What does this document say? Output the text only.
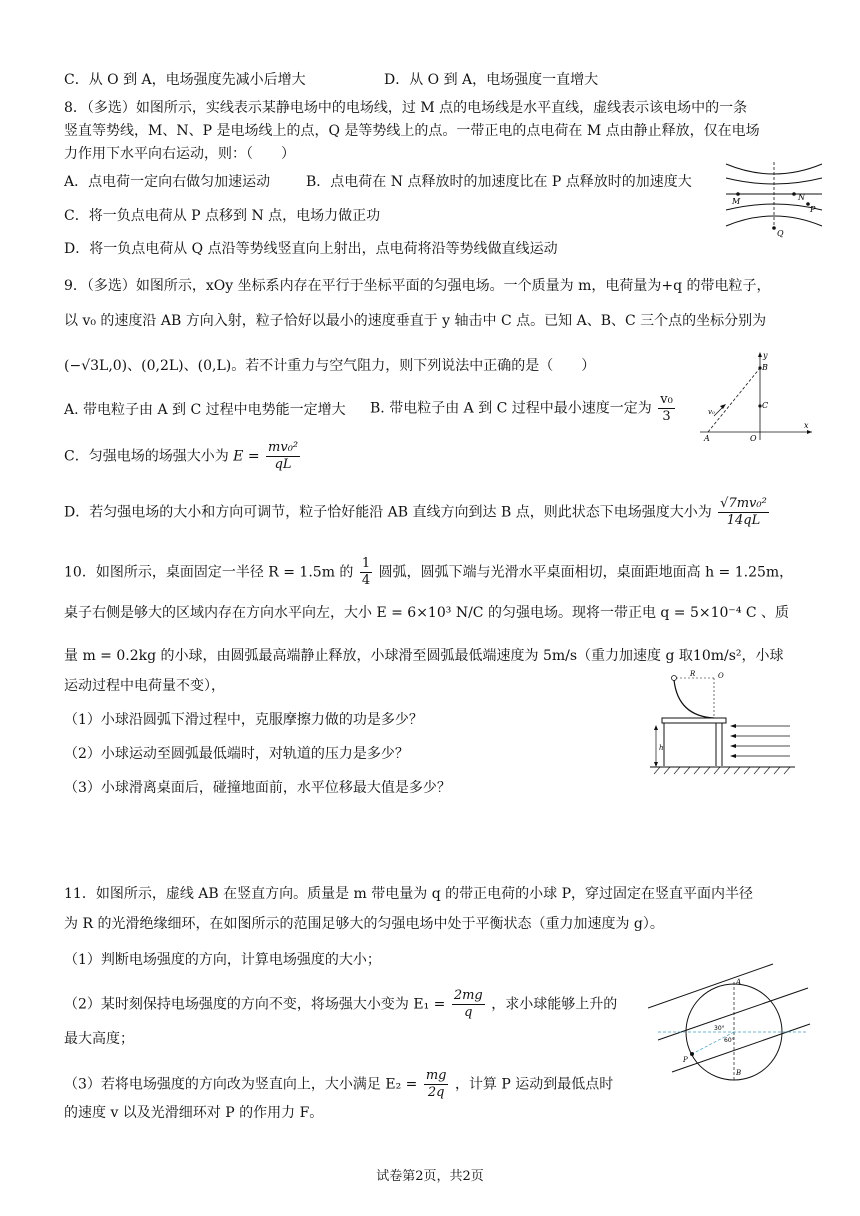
C．从 O 到 A，电场强度先减小后增大	D．从 O 到 A，电场强度一直增大
8．（多选）如图所示，实线表示某静电场中的电场线，过 M 点的电场线是水平直线，虚线表示该电场中的一条
竖直等势线，M、N、P 是电场线上的点，Q 是等势线上的点。一带正电的点电荷在 M 点由静止释放，仅在电场
力作用下水平向右运动，则：（　　）
A．点电荷一定向右做匀加速运动	B．点电荷在 N 点释放时的加速度比在 P 点释放时的加速度大
C．将一负点电荷从 P 点移到 N 点，电场力做正功
D．将一负点电荷从 Q 点沿等势线竖直向上射出，点电荷将沿等势线做直线运动
M	N
P
Q
9．（多选）如图所示，xOy 坐标系内存在平行于坐标平面的匀强电场。一个质量为 m，电荷量为+q 的带电粒子，
以 v₀ 的速度沿 AB 方向入射，粒子恰好以最小的速度垂直于 y 轴击中 C 点。已知 A、B、C 三个点的坐标分别为
(−√3L,0)、(0,2L)、(0,L)。若不计重力与空气阻力，则下列说法中正确的是（　　）
A. 带电粒子由 A 到 C 过程中电势能一定增大 B. 带电粒子由 A 到 C 过程中最小速度一定为 $\frac{\text{v₀}}{3}$
C．匀强电场的场强大小为 $E = \frac{\text{mv₀²}}{qL}$
D．若匀强电场的大小和方向可调节，粒子恰好能沿 AB 直线方向到达 B 点，则此状态下电场强度大小为 $\frac{\text{√7mv₀²}}{14qL}$
y
x
B
C
A	O
v₀
10．如图所示，桌面固定一半径 R = 1.5m 的 $\frac{1}{4}$ 圆弧，圆弧下端与光滑水平桌面相切，桌面距地面高 h = 1.25m，
桌子右侧是够大的区域内存在方向水平向左，大小 E = 6×10³ N/C 的匀强电场。现将一带正电 q = 5×10⁻⁴ C 、质
量 m = 0.2kg 的小球，由圆弧最高端静止释放，小球滑至圆弧最低端速度为 5m/s（重力加速度 g 取10m/s²，小球
运动过程中电荷量不变），
（1）小球沿圆弧下滑过程中，克服摩擦力做的功是多少？
（2）小球运动至圆弧最低端时，对轨道的压力是多少？
（3）小球滑离桌面后，碰撞地面前，水平位移最大值是多少？
R	O
h
11．如图所示，虚线 AB 在竖直方向。质量是 m 带电量为 q 的带正电荷的小球 P，穿过固定在竖直平面内半径
为 R 的光滑绝缘细环，在如图所示的范围足够大的匀强电场中处于平衡状态（重力加速度为 g）。
（1）判断电场强度的方向，计算电场强度的大小；
（2）某时刻保持电场强度的方向不变，将场强大小变为 $E_1 = \frac{2mg}{q}$ ，求小球能够上升的
最大高度；
（3）若将电场强度的方向改为竖直向上，大小满足 $E_2 = \frac{mg}{2q}$ ，计算 P 运动到最低点时
的速度 v 以及光滑细环对 P 的作用力 F。
A
B
P
30°
60°
试卷第2页，共2页
